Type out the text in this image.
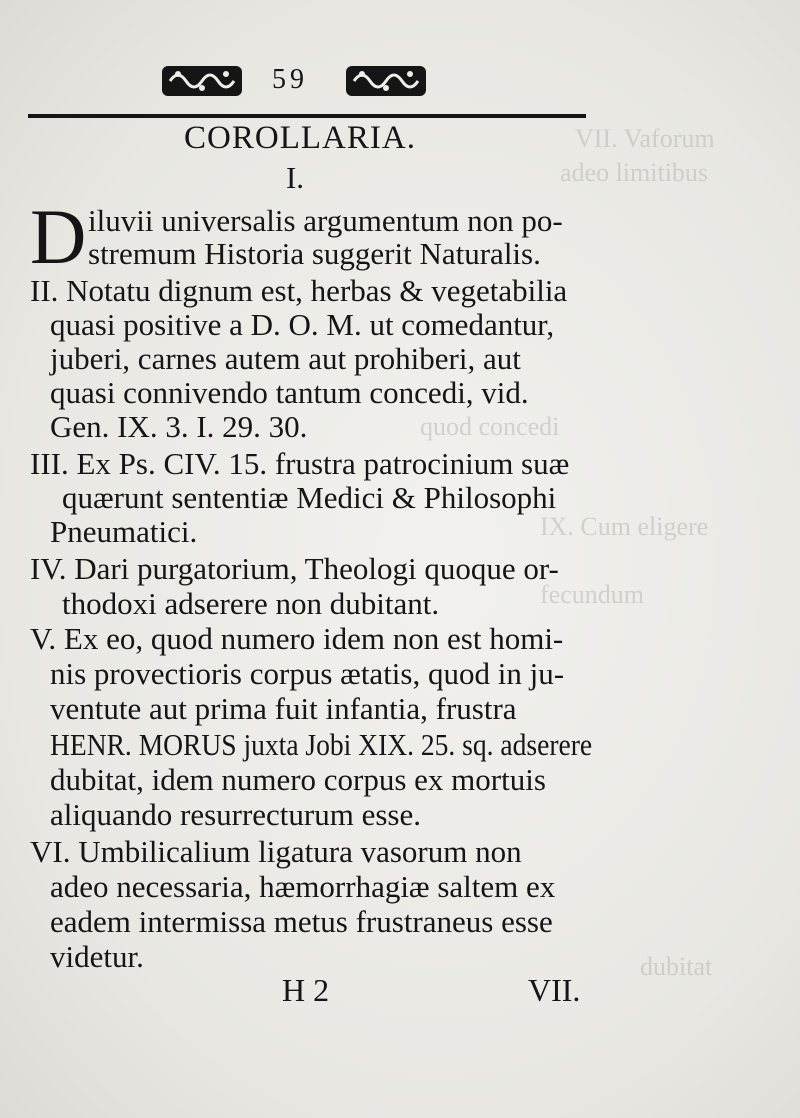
VII. Vaforum
adeo limitibus
quod concedi
IX. Cum eligere
fecundum
dubitat
59
COROLLARIA.
I.
D iluvii universalis argumentum non po-
stremum Historia suggerit Naturalis.
II. Notatu dignum est, herbas & vegetabilia
quasi positive a D. O. M. ut comedantur,
juberi, carnes autem aut prohiberi, aut
quasi connivendo tantum concedi, vid.
Gen. IX. 3. I. 29. 30.
III. Ex Ps. CIV. 15. frustra patrocinium suæ
quærunt sententiæ Medici & Philosophi
Pneumatici.
IV. Dari purgatorium, Theologi quoque or-
thodoxi adserere non dubitant.
V. Ex eo, quod numero idem non est homi-
nis provectioris corpus ætatis, quod in ju-
ventute aut prima fuit infantia, frustra
HENR. MORUS juxta Jobi XIX. 25. sq. adserere
dubitat, idem numero corpus ex mortuis
aliquando resurrecturum esse.
VI. Umbilicalium ligatura vasorum non
adeo necessaria, hæmorrhagiæ saltem ex
eadem intermissa metus frustraneus esse
videtur.
H 2	VII.
